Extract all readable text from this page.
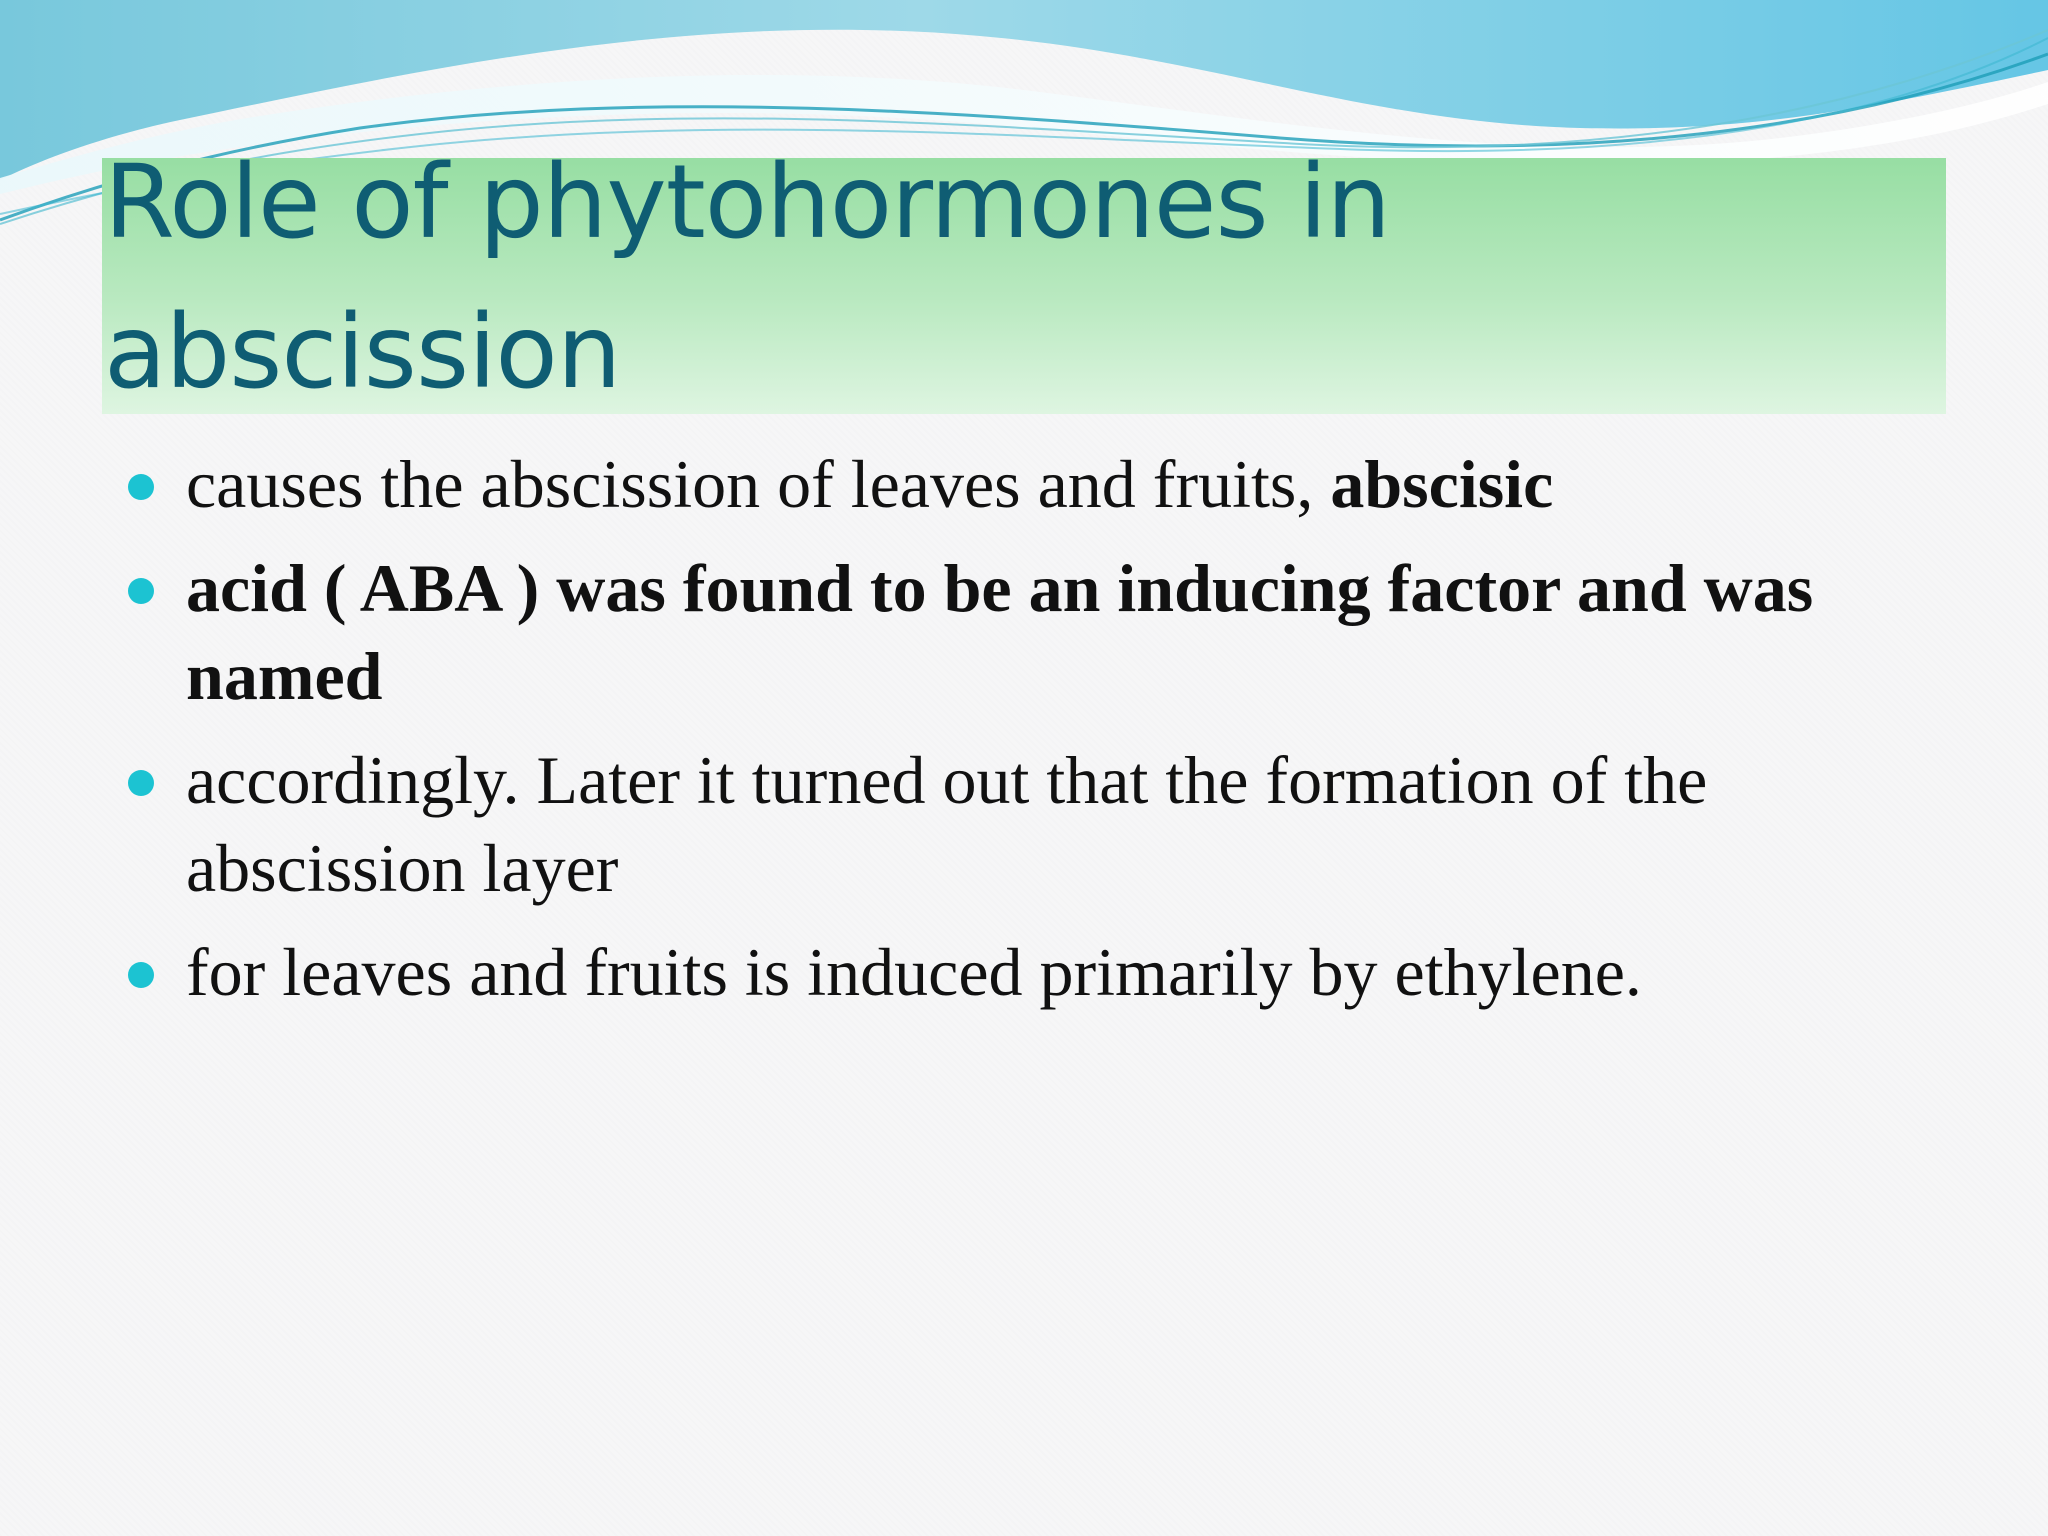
Role of phytohormones in abscission
causes the abscission of leaves and fruits, abscisic
acid ( ABA ) was found to be an inducing factor and was named
accordingly. Later it turned out that the formation of the abscission layer
for leaves and fruits is induced primarily by ethylene.
